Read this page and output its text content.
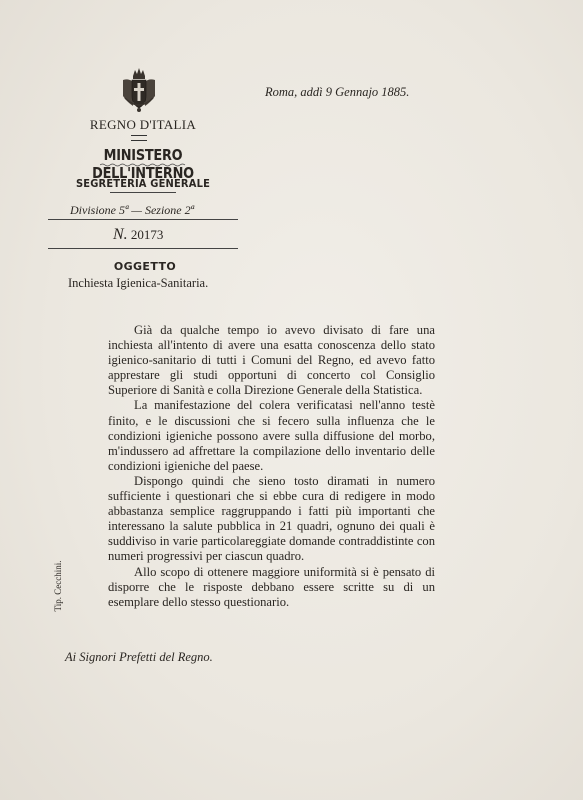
REGNO D'ITALIA
MINISTERO DELL'INTERNO
SEGRETERIA GENERALE
Divisione 5ª — Sezione 2ª
N. 20173
OGGETTO
Inchiesta Igienica-Sanitaria.
Roma, addì 9 Gennajo 1885.

Già da qualche tempo io avevo divisato di fare una inchiesta all'intento di avere una esatta conoscenza dello stato igienico-sanitario di tutti i Comuni del Regno, ed avevo fatto apprestare gli studi opportuni di concerto col Consiglio Superiore di Sanità e colla Direzione Generale della Statistica.

La manifestazione del colera verificatasi nell'anno testè finito, e le discussioni che si fecero sulla influenza che le condizioni igieniche possono avere sulla diffusione del morbo, m'indussero ad affrettare la compilazione dello inventario delle condizioni igieniche del paese.

Dispongo quindi che sieno tosto diramati in numero sufficiente i questionari che si ebbe cura di redigere in modo abbastanza semplice raggruppando i fatti più importanti che interessano la salute pubblica in 21 quadri, ognuno dei quali è suddiviso in varie particolareggiate domande contraddistinte con numeri progressivi per ciascun quadro.

Allo scopo di ottenere maggiore uniformità si è pensato di disporre che le risposte debbano essere scritte su di un esemplare dello stesso questionario.

Tip. Cecchini.
Ai Signori Prefetti del Regno.
